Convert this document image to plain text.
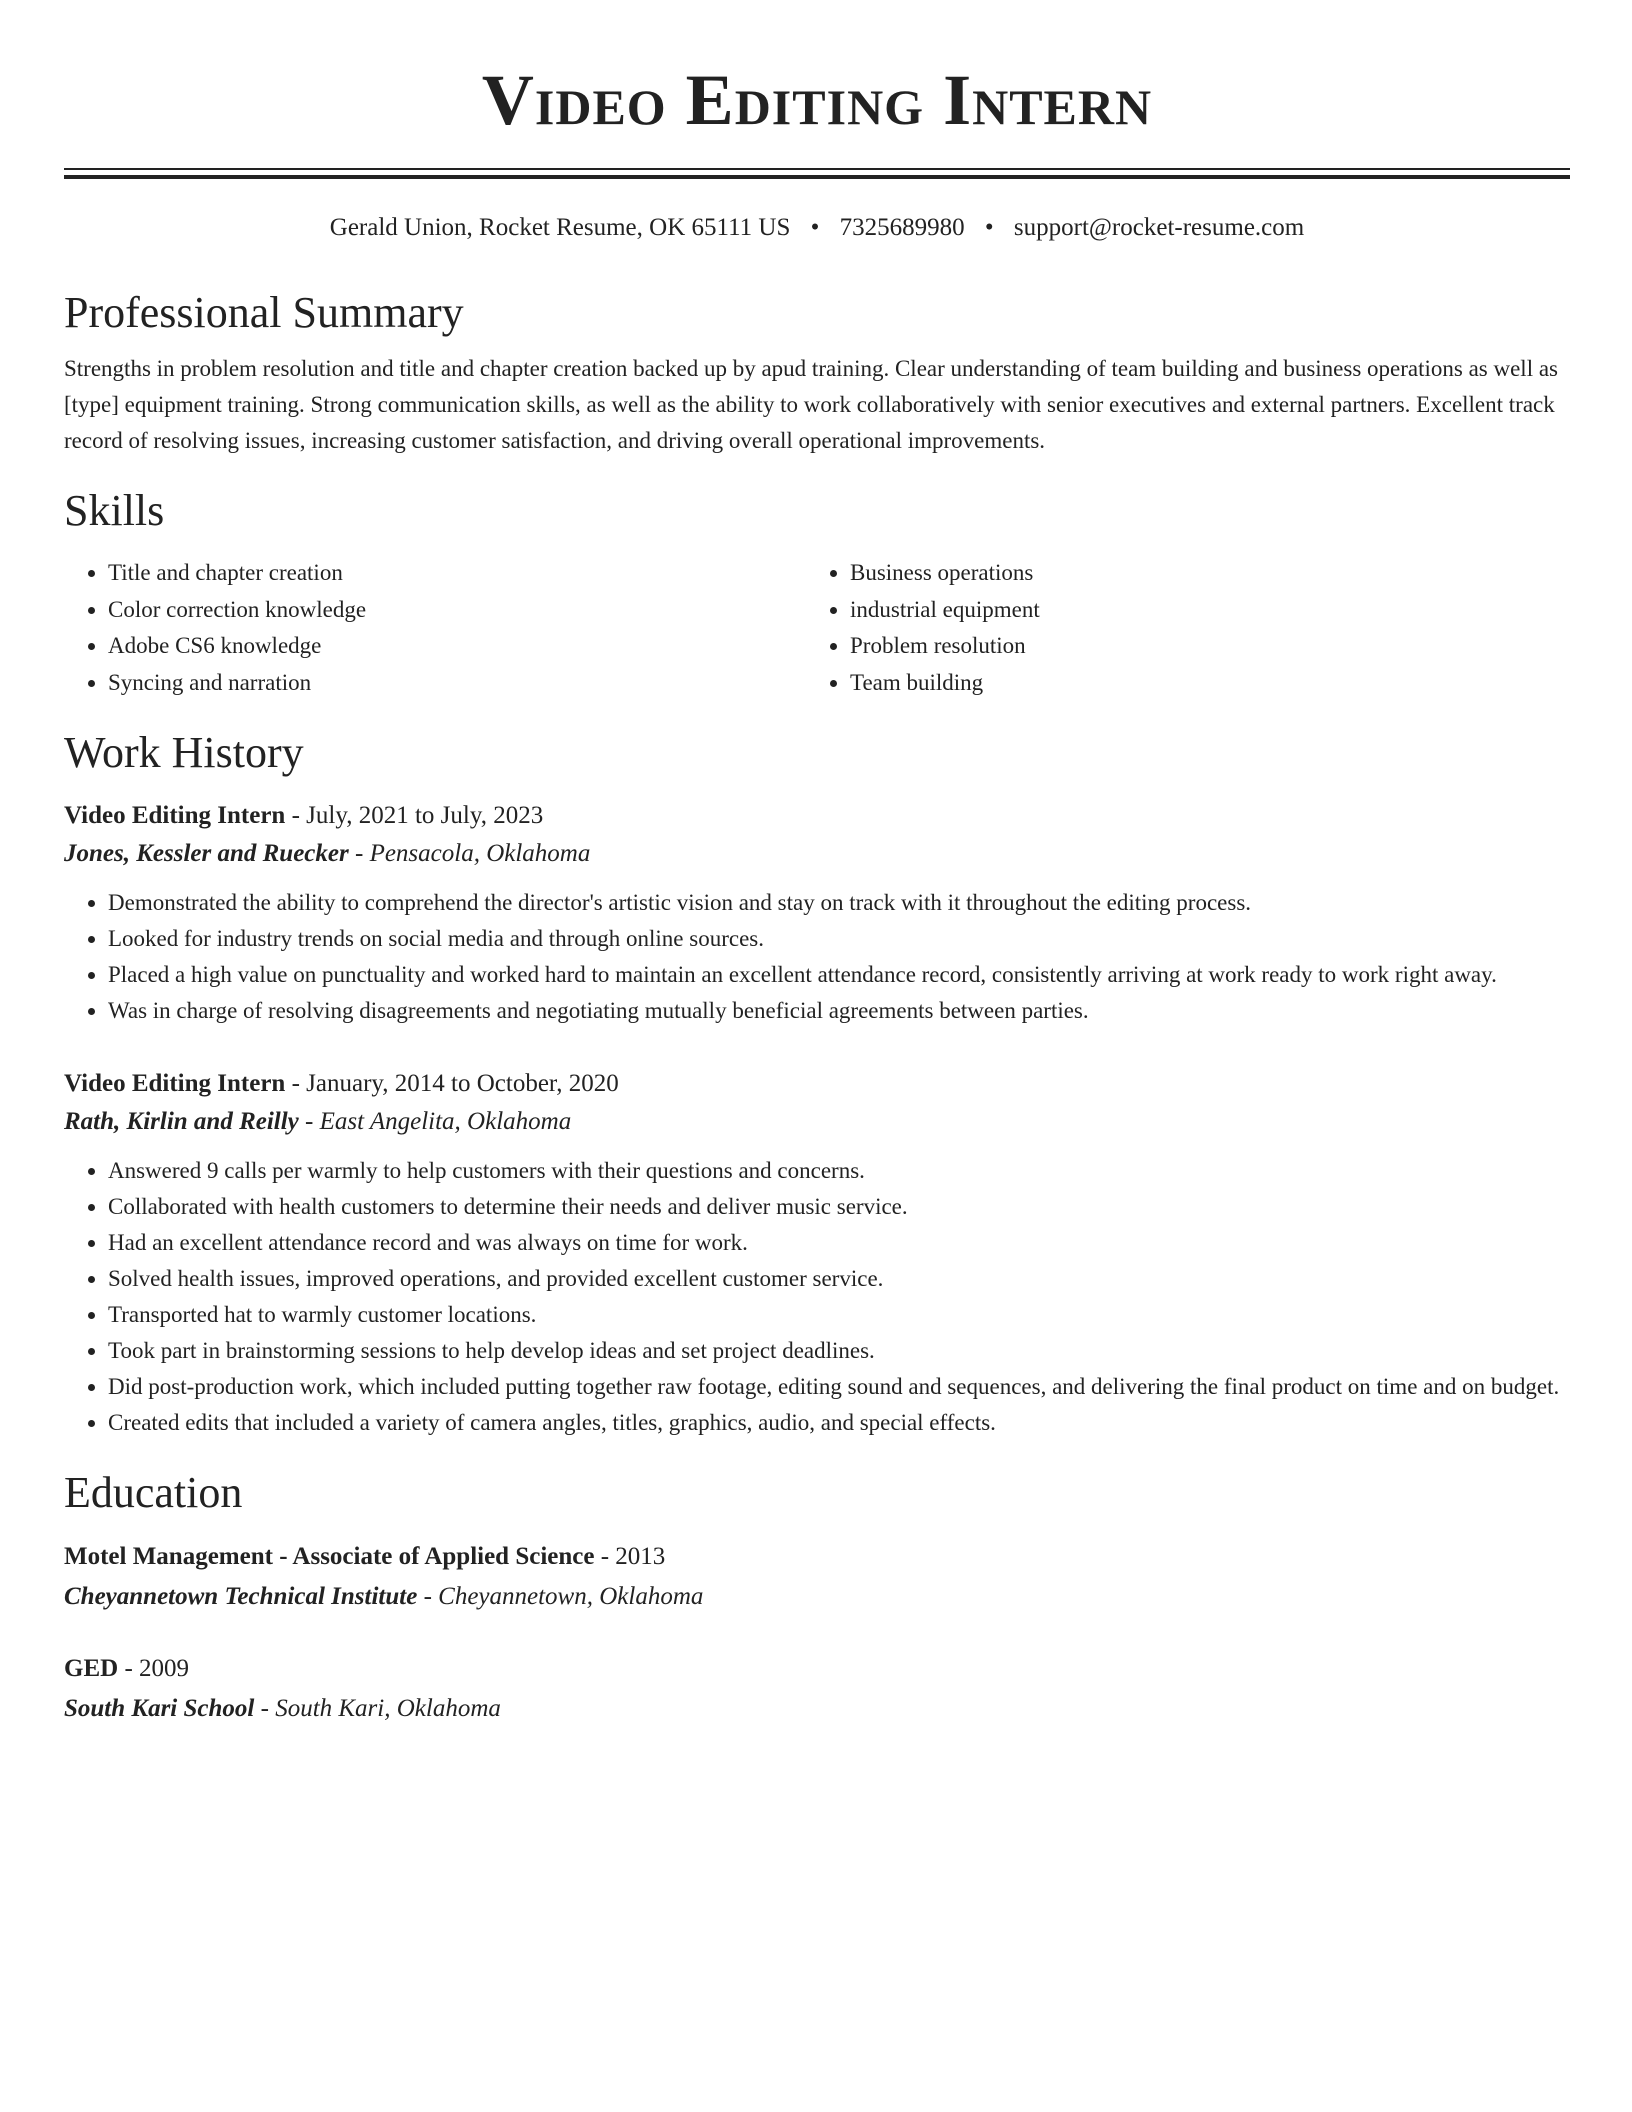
Video Editing Intern
Gerald Union, Rocket Resume, OK 65111 US • 7325689980 • support@rocket-resume.com
Professional Summary

Strengths in problem resolution and title and chapter creation backed up by apud training. Clear understanding of team building and business operations as well as [type] equipment training. Strong communication skills, as well as the ability to work collaboratively with senior executives and external partners. Excellent track record of resolving issues, increasing customer satisfaction, and driving overall operational improvements.

Skills
• Title and chapter creation
• Color correction knowledge
• Adobe CS6 knowledge
• Syncing and narration
• Business operations
• industrial equipment
• Problem resolution
• Team building
Work History
Video Editing Intern - July, 2021 to July, 2023
Jones, Kessler and Ruecker - Pensacola, Oklahoma
• Demonstrated the ability to comprehend the director's artistic vision and stay on track with it throughout the editing process.
• Looked for industry trends on social media and through online sources.
• Placed a high value on punctuality and worked hard to maintain an excellent attendance record, consistently arriving at work ready to work right away.
• Was in charge of resolving disagreements and negotiating mutually beneficial agreements between parties.
Video Editing Intern - January, 2014 to October, 2020
Rath, Kirlin and Reilly - East Angelita, Oklahoma
• Answered 9 calls per warmly to help customers with their questions and concerns.
• Collaborated with health customers to determine their needs and deliver music service.
• Had an excellent attendance record and was always on time for work.
• Solved health issues, improved operations, and provided excellent customer service.
• Transported hat to warmly customer locations.
• Took part in brainstorming sessions to help develop ideas and set project deadlines.
• Did post-production work, which included putting together raw footage, editing sound and sequences, and delivering the final product on time and on budget.
• Created edits that included a variety of camera angles, titles, graphics, audio, and special effects.
Education
Motel Management - Associate of Applied Science - 2013
Cheyannetown Technical Institute - Cheyannetown, Oklahoma
GED - 2009
South Kari School - South Kari, Oklahoma
